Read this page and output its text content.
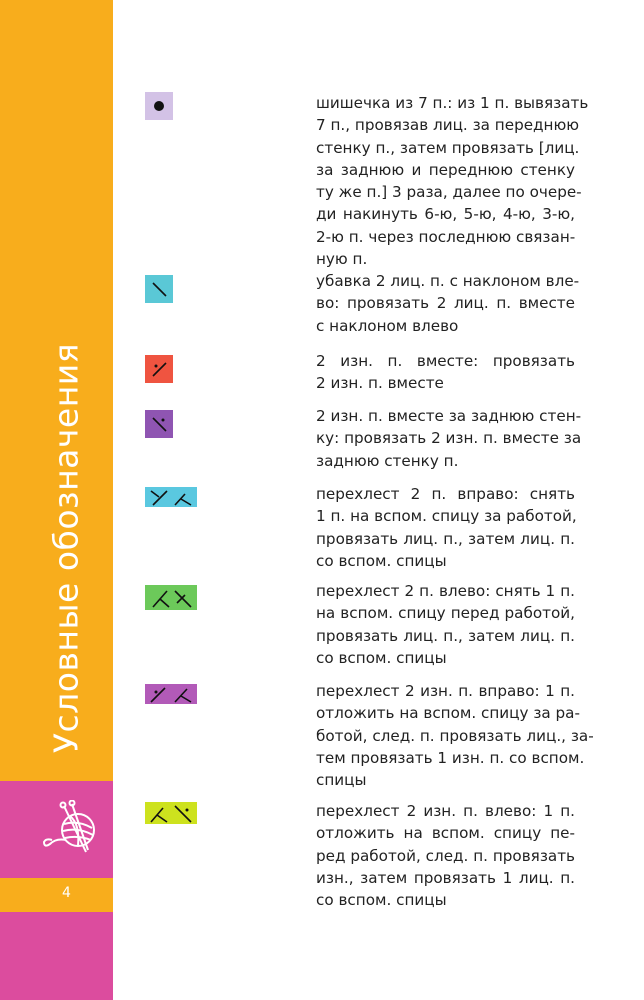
Условные обозначения
4
шишечка из 7 п.: из 1 п. вывязать
7 п., провязав лиц. за переднюю
стенку п., затем провязать [лиц.
за заднюю и переднюю стенку
ту же п.] 3 раза, далее по очере-
ди накинуть 6-ю, 5-ю, 4-ю, 3-ю,
2-ю п. через последнюю связан-
ную п.
убавка 2 лиц. п. с наклоном вле-
во: провязать 2 лиц. п. вместе
с наклоном влево
2 изн. п. вместе: провязать
2 изн. п. вместе
2 изн. п. вместе за заднюю стен-
ку: провязать 2 изн. п. вместе за
заднюю стенку п.
перехлест 2 п. вправо: снять
1 п. на вспом. спицу за работой,
провязать лиц. п., затем лиц. п.
со вспом. спицы
перехлест 2 п. влево: снять 1 п.
на вспом. спицу перед работой,
провязать лиц. п., затем лиц. п.
со вспом. спицы
перехлест 2 изн. п. вправо: 1 п.
отложить на вспом. спицу за ра-
ботой, след. п. провязать лиц., за-
тем провязать 1 изн. п. со вспом.
спицы
перехлест 2 изн. п. влево: 1 п.
отложить на вспом. спицу пе-
ред работой, след. п. провязать
изн., затем провязать 1 лиц. п.
со вспом. спицы
